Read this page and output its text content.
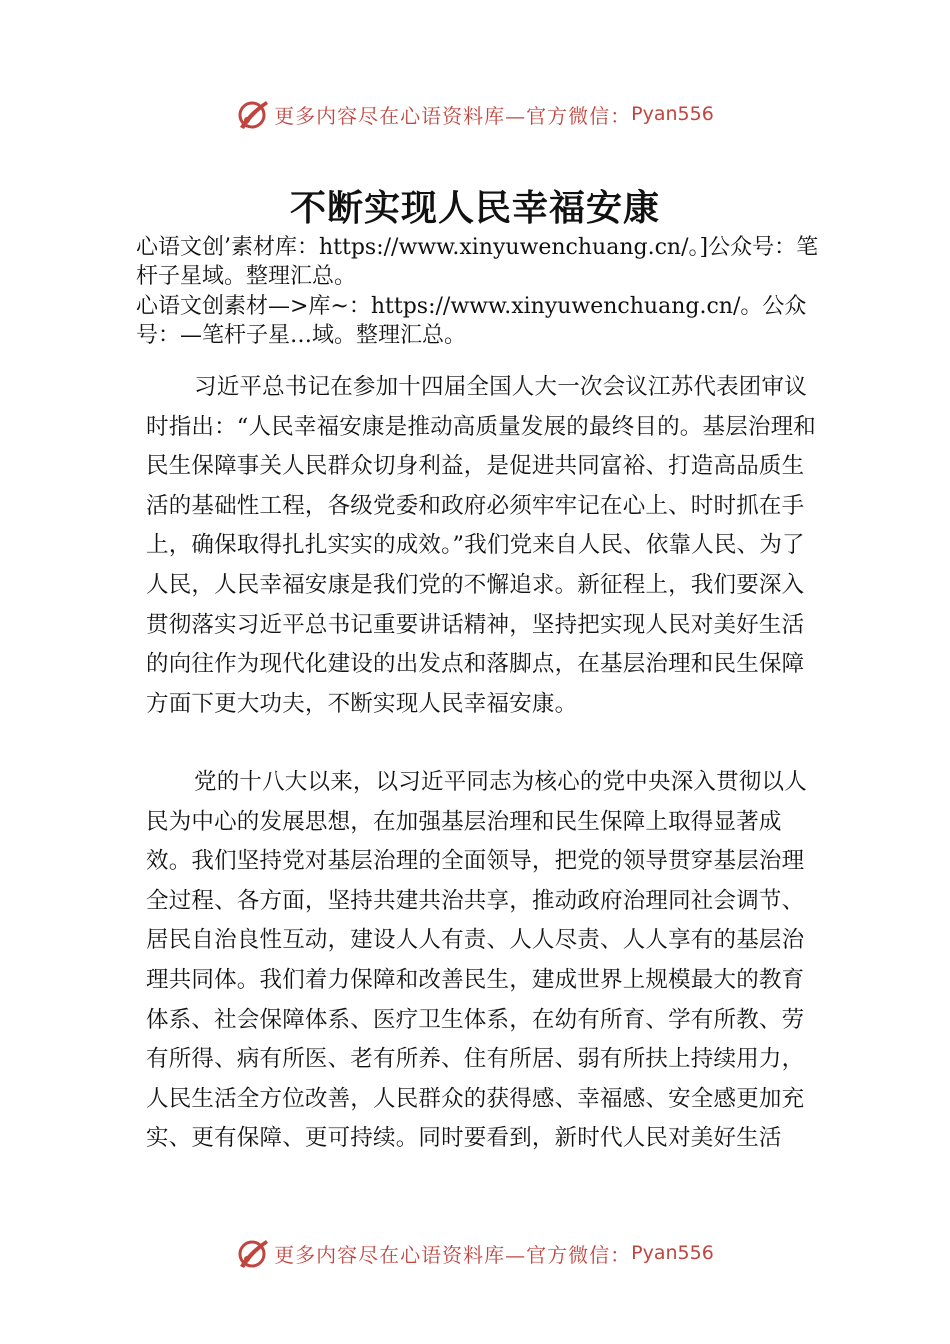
更多内容尽在心语资料库—官方微信： Pyan556
不断实现人民幸福安康

心语文创’素材库：https://www.xinyuwenchuang.cn/。]公众号：笔杆子星域。整理汇总。

心语文创素材—>库~：https://www.xinyuwenchuang.cn/。公众号：—笔杆子星…域。整理汇总。

习近平总书记在参加十四届全国人大一次会议江苏代表团审议时指出：“人民幸福安康是推动高质量发展的最终目的。基层治理和民生保障事关人民群众切身利益，是促进共同富裕、打造高品质生活的基础性工程，各级党委和政府必须牢牢记在心上、时时抓在手上，确保取得扎扎实实的成效。”我们党来自人民、依靠人民、为了人民，人民幸福安康是我们党的不懈追求。新征程上，我们要深入贯彻落实习近平总书记重要讲话精神，坚持把实现人民对美好生活的向往作为现代化建设的出发点和落脚点，在基层治理和民生保障方面下更大功夫，不断实现人民幸福安康。

党的十八大以来，以习近平同志为核心的党中央深入贯彻以人民为中心的发展思想，在加强基层治理和民生保障上取得显著成效。我们坚持党对基层治理的全面领导，把党的领导贯穿基层治理全过程、各方面，坚持共建共治共享，推动政府治理同社会调节、居民自治良性互动，建设人人有责、人人尽责、人人享有的基层治理共同体。我们着力保障和改善民生，建成世界上规模最大的教育体系、社会保障体系、医疗卫生体系，在幼有所育、学有所教、劳有所得、病有所医、老有所养、住有所居、弱有所扶上持续用力，人民生活全方位改善，人民群众的获得感、幸福感、安全感更加充实、更有保障、更可持续。同时要看到，新时代人民对美好生活

更多内容尽在心语资料库—官方微信： Pyan556
